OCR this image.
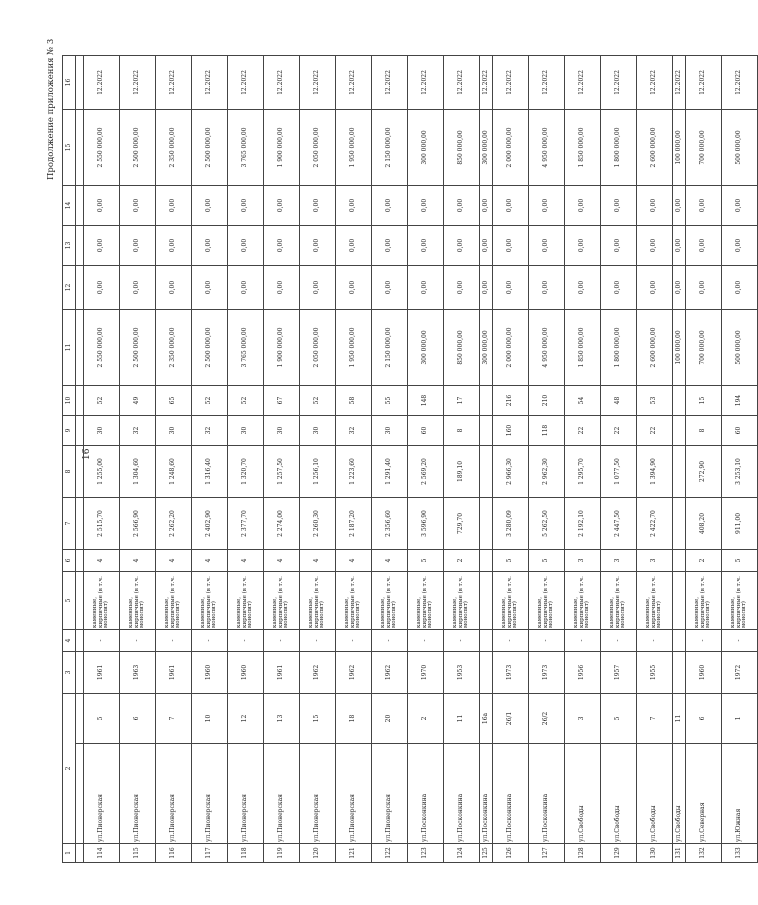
16
Продолжение приложения № 3
1	2		3	4	5	6	7	8	9	10	11	12	13	14	15	16

114	ул.Пионерская	5	1961	-	каменные, кирпичные (в т.ч. монолит)	4	2 515,70	1 255,00	30	52	2 550 000,00	0,00	0,00	0,00	2 550 000,00	12.2022
115	ул.Пионерская	6	1963	-	каменные, кирпичные (в т.ч. монолит)	4	2 566,90	1 304,60	32	49	2 500 000,00	0,00	0,00	0,00	2 500 000,00	12.2022
116	ул.Пионерская	7	1961	-	каменные, кирпичные (в т.ч. монолит)	4	2 262,20	1 248,60	30	65	2 350 000,00	0,00	0,00	0,00	2 350 000,00	12.2022
117	ул.Пионерская	10	1960	-	каменные, кирпичные (в т.ч. монолит)	4	2 402,90	1 316,40	32	52	2 500 000,00	0,00	0,00	0,00	2 500 000,00	12.2022
118	ул.Пионерская	12	1960	-	каменные, кирпичные (в т.ч. монолит)	4	2 377,70	1 320,70	30	52	3 765 000,00	0,00	0,00	0,00	3 765 000,00	12.2022
119	ул.Пионерская	13	1961	-	каменные, кирпичные (в т.ч. монолит)	4	2 274,00	1 257,50	30	67	1 900 000,00	0,00	0,00	0,00	1 900 000,00	12.2022
120	ул.Пионерская	15	1962	-	каменные, кирпичные (в т.ч. монолит)	4	2 260,30	1 256,10	30	52	2 050 000,00	0,00	0,00	0,00	2 050 000,00	12.2022
121	ул.Пионерская	18	1962	-	каменные, кирпичные (в т.ч. монолит)	4	2 187,20	1 223,60	32	58	1 950 000,00	0,00	0,00	0,00	1 950 000,00	12.2022
122	ул.Пионерская	20	1962	-	каменные, кирпичные (в т.ч. монолит)	4	2 356,60	1 291,40	30	55	2 150 000,00	0,00	0,00	0,00	2 150 000,00	12.2022
123	ул.Посконкина	2	1970	-	каменные, кирпичные (в т.ч. монолит)	5	3 596,90	2 569,20	60	148	300 000,00	0,00	0,00	0,00	300 000,00	12.2022
124	ул.Посконкина	11	1953	-	каменные, кирпичные (в т.ч. монолит)	2	729,70	189,10	8	17	850 000,00	0,00	0,00	0,00	850 000,00	12.2022
125	ул.Посконкина	16а									300 000,00	0,00	0,00	0,00	300 000,00	12.2022
126	ул.Посконкина	26/1	1973	-	каменные, кирпичные (в т.ч. монолит)	5	3 280,09	2 966,30	160	216	2 000 000,00	0,00	0,00	0,00	2 000 000,00	12.2022
127	ул.Посконкина	26/2	1973	-	каменные, кирпичные (в т.ч. монолит)	5	5 262,50	2 962,30	118	210	4 950 000,00	0,00	0,00	0,00	4 950 000,00	12.2022
128	ул.Свободы	3	1956	-	каменные, кирпичные (в т.ч. монолит)	3	2 192,10	1 295,70	22	54	1 850 000,00	0,00	0,00	0,00	1 850 000,00	12.2022
129	ул.Свободы	5	1957	-	каменные, кирпичные (в т.ч. монолит)	3	2 447,50	1 077,50	22	48	1 800 000,00	0,00	0,00	0,00	1 800 000,00	12.2022
130	ул.Свободы	7	1955	-	каменные, кирпичные (в т.ч. монолит)	3	2 422,70	1 394,90	22	53	2 600 000,00	0,00	0,00	0,00	2 600 000,00	12.2022
131	ул.Свободы	11									100 000,00	0,00	0,00	0,00	100 000,00	12.2022
132	ул.Северная	6	1960	-	каменные, кирпичные (в т.ч. монолит)	2	408,20	272,90	8	15	700 000,00	0,00	0,00	0,00	700 000,00	12.2022
133	ул.Южная	1	1972	-	каменные, кирпичные (в т.ч. монолит)	5	911,00	3 253,10	60	194	500 000,00	0,00	0,00	0,00	500 000,00	12.2022
